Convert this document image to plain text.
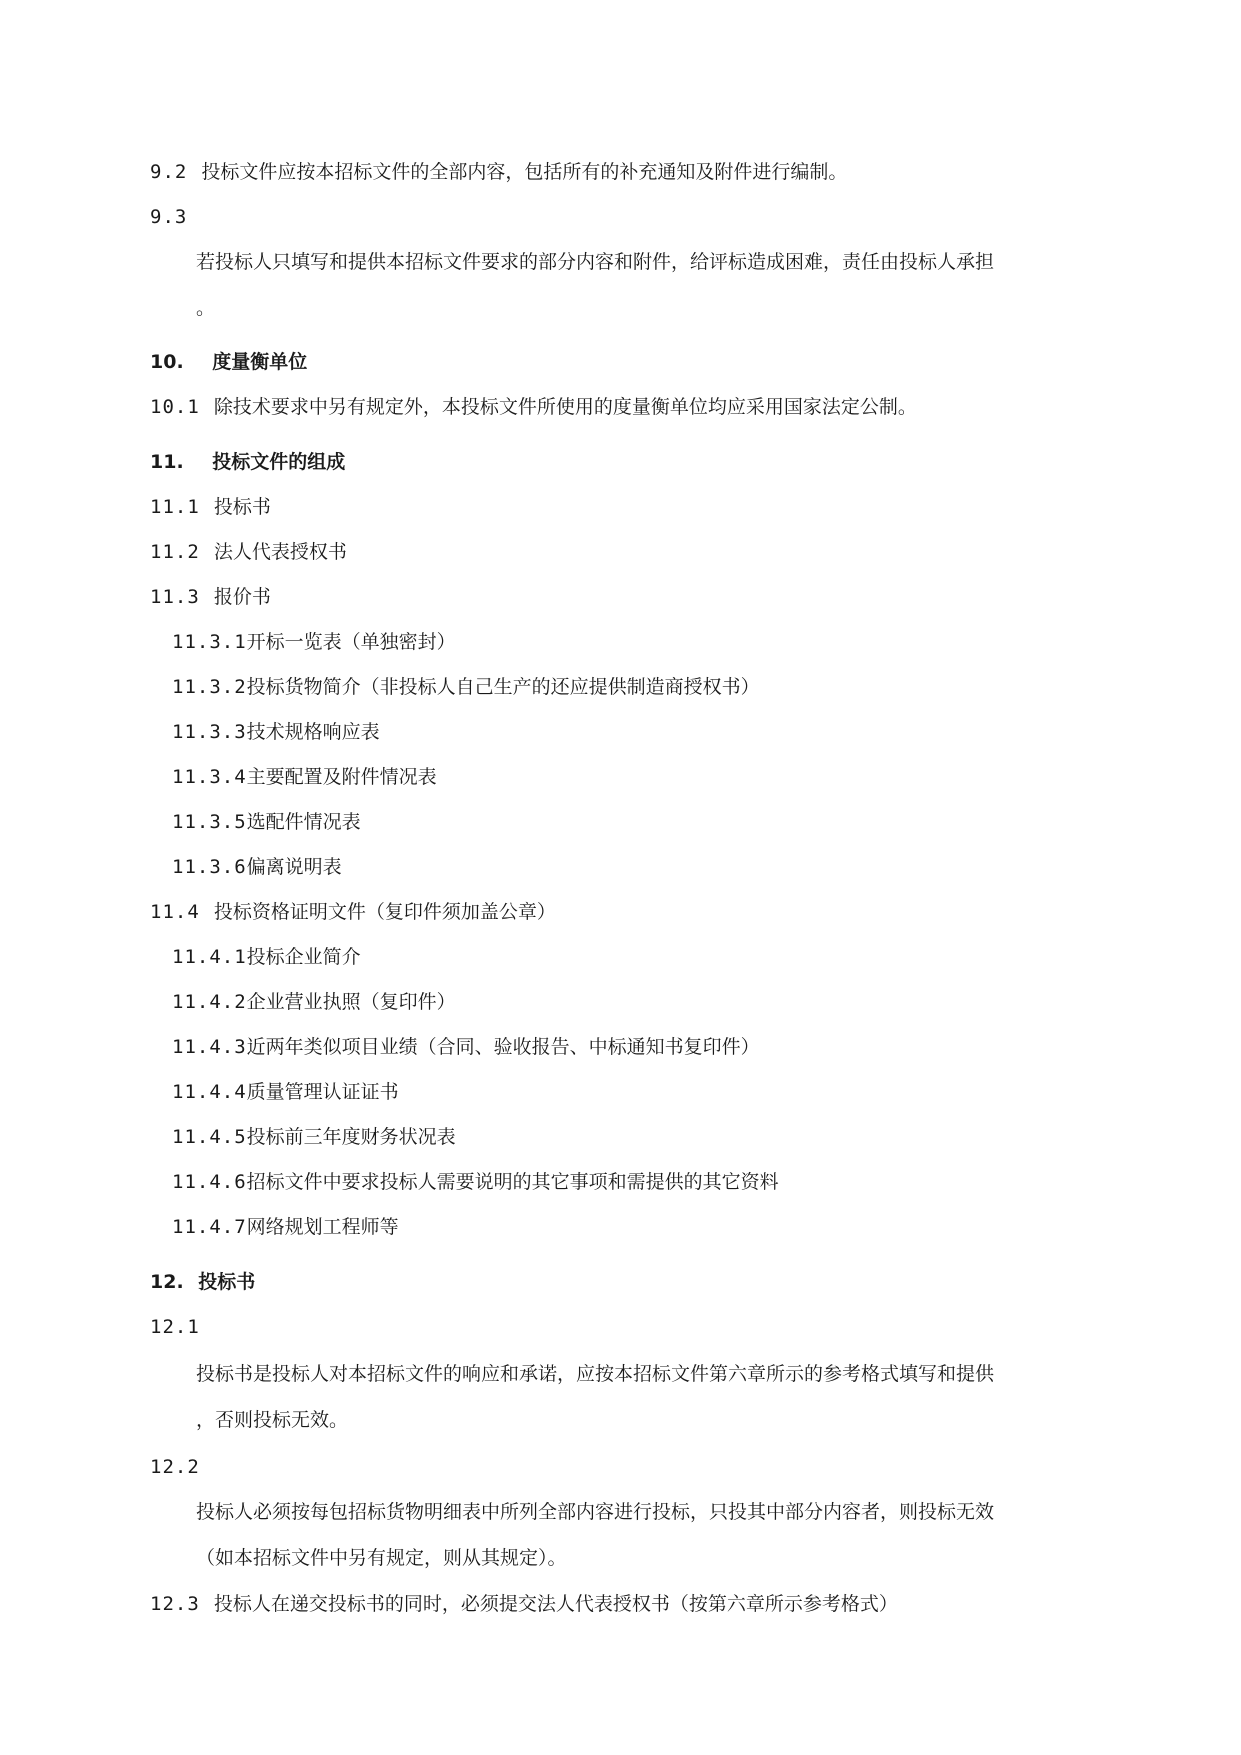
9.2 投标文件应按本招标文件的全部内容，包括所有的补充通知及附件进行编制。
9.3
若投标人只填写和提供本招标文件要求的部分内容和附件，给评标造成困难，责任由投标人承担
。
10. 度量衡单位
10.1 除技术要求中另有规定外，本投标文件所使用的度量衡单位均应采用国家法定公制。
11. 投标文件的组成
11.1 投标书
11.2 法人代表授权书
11.3 报价书
11.3.1开标一览表（单独密封）
11.3.2投标货物简介（非投标人自己生产的还应提供制造商授权书）
11.3.3技术规格响应表
11.3.4主要配置及附件情况表
11.3.5选配件情况表
11.3.6偏离说明表
11.4 投标资格证明文件（复印件须加盖公章）
11.4.1投标企业简介
11.4.2企业营业执照（复印件）
11.4.3近两年类似项目业绩（合同、验收报告、中标通知书复印件）
11.4.4质量管理认证证书
11.4.5投标前三年度财务状况表
11.4.6招标文件中要求投标人需要说明的其它事项和需提供的其它资料
11.4.7网络规划工程师等
12. 投标书
12.1
投标书是投标人对本招标文件的响应和承诺，应按本招标文件第六章所示的参考格式填写和提供
，否则投标无效。
12.2
投标人必须按每包招标货物明细表中所列全部内容进行投标，只投其中部分内容者，则投标无效
（如本招标文件中另有规定，则从其规定）。
12.3 投标人在递交投标书的同时，必须提交法人代表授权书（按第六章所示参考格式）
